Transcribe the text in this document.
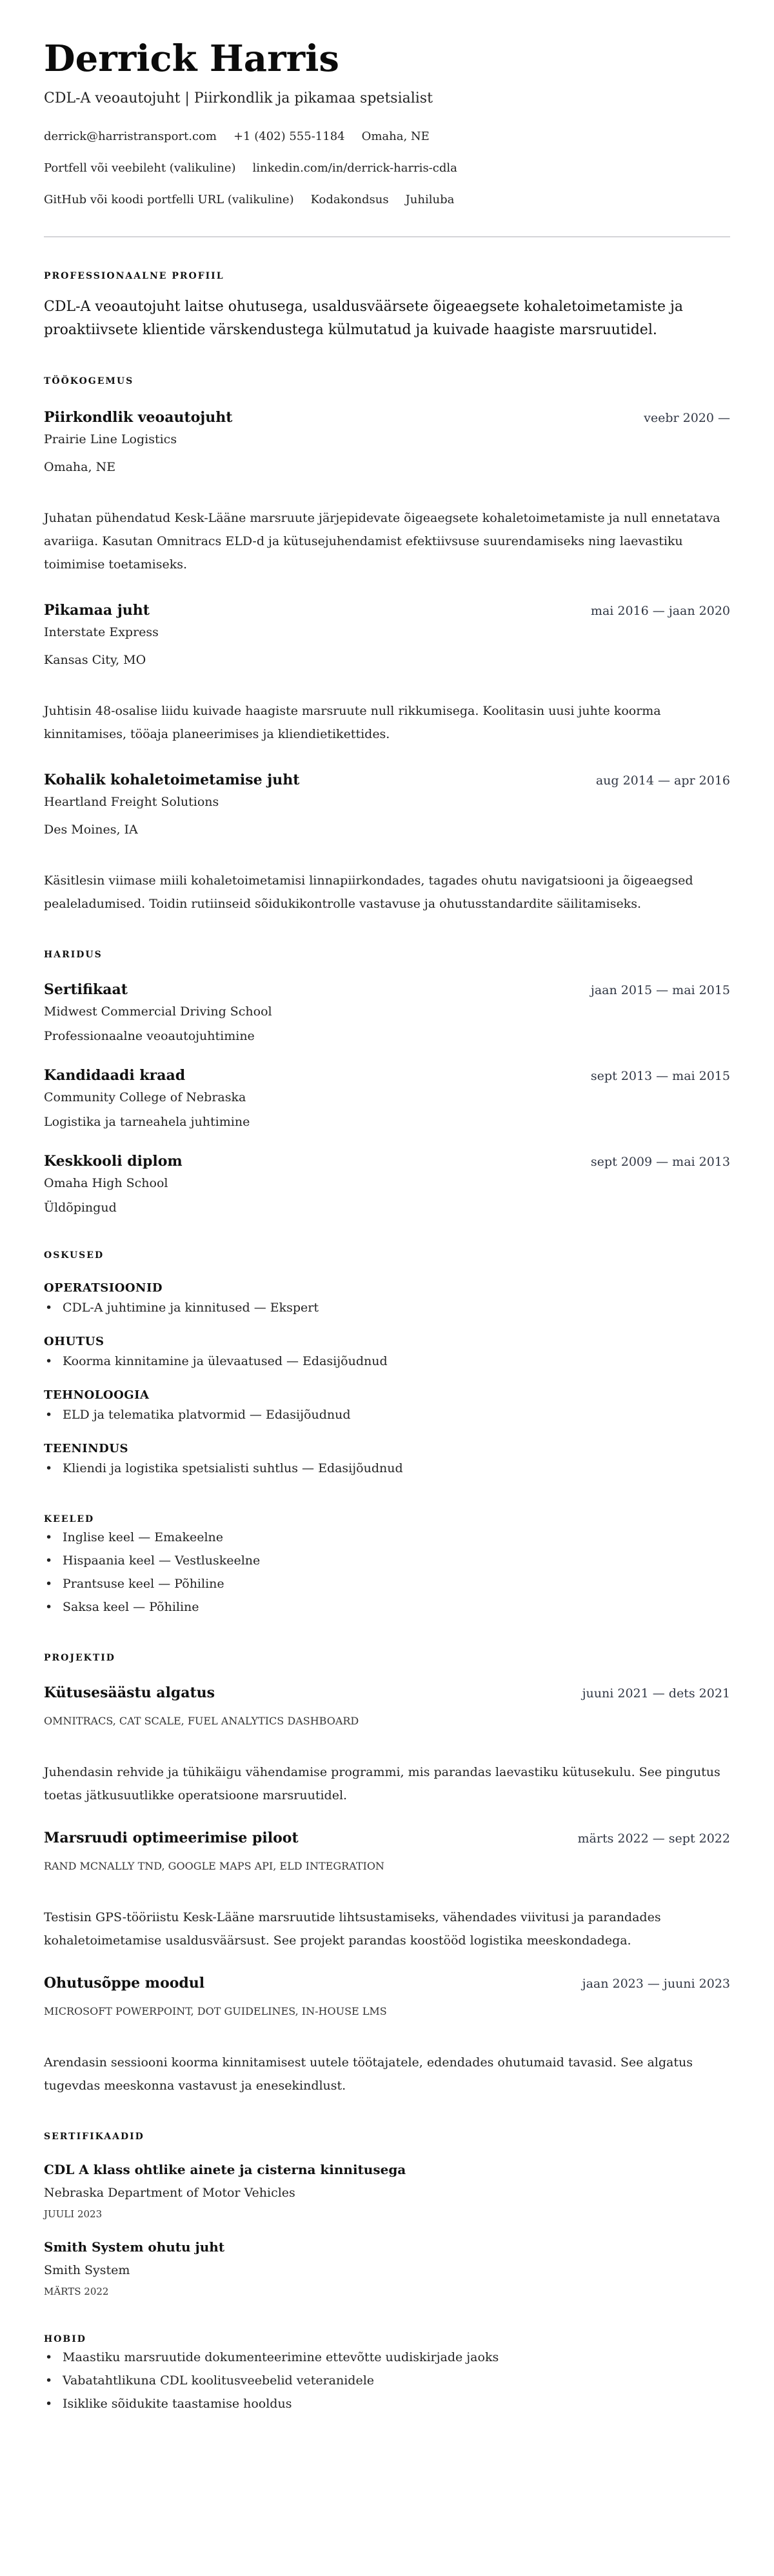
Derrick Harris
CDL-A veoautojuht | Piirkondlik ja pikamaa spetsialist
derrick@harristransport.com +1 (402) 555-1184 Omaha, NE
Portfell või veebileht (valikuline) linkedin.com/in/derrick-harris-cdla
GitHub või koodi portfelli URL (valikuline) Kodakondsus Juhiluba
PROFESSIONAALNE PROFIIL
CDL-A veoautojuht laitse ohutusega, usaldusväärsete õigeaegsete kohaletoimetamiste ja proaktiivsete klientide värskendustega külmutatud ja kuivade haagiste marsruutidel.
TÖÖKOGEMUS
Piirkondlik veoautojuht	veebr 2020 —
Prairie Line Logistics
Omaha, NE
Juhatan pühendatud Kesk-Lääne marsruute järjepidevate õigeaegsete kohaletoimetamiste ja null ennetatava avariiga. Kasutan Omnitracs ELD-d ja kütusejuhendamist efektiivsuse suurendamiseks ning laevastiku toimimise toetamiseks.
Pikamaa juht	mai 2016 — jaan 2020
Interstate Express
Kansas City, MO
Juhtisin 48-osalise liidu kuivade haagiste marsruute null rikkumisega. Koolitasin uusi juhte koorma kinnitamises, tööaja planeerimises ja kliendietikettides.
Kohalik kohaletoimetamise juht	aug 2014 — apr 2016
Heartland Freight Solutions
Des Moines, IA
Käsitlesin viimase miili kohaletoimetamisi linnapiirkondades, tagades ohutu navigatsiooni ja õigeaegsed pealeladumised. Toidin rutiinseid sõidukikontrolle vastavuse ja ohutusstandardite säilitamiseks.
HARIDUS
Sertifikaat	jaan 2015 — mai 2015
Midwest Commercial Driving School
Professionaalne veoautojuhtimine
Kandidaadi kraad	sept 2013 — mai 2015
Community College of Nebraska
Logistika ja tarneahela juhtimine
Keskkooli diplom	sept 2009 — mai 2013
Omaha High School
Üldõpingud
OSKUSED
OPERATSIOONID
• CDL-A juhtimine ja kinnitused — Ekspert
OHUTUS
• Koorma kinnitamine ja ülevaatused — Edasijõudnud
TEHNOLOOGIA
• ELD ja telematika platvormid — Edasijõudnud
TEENINDUS
• Kliendi ja logistika spetsialisti suhtlus — Edasijõudnud
KEELED
• Inglise keel — Emakeelne
• Hispaania keel — Vestluskeelne
• Prantsuse keel — Põhiline
• Saksa keel — Põhiline
PROJEKTID
Kütusesäästu algatus	juuni 2021 — dets 2021
OMNITRACS, CAT SCALE, FUEL ANALYTICS DASHBOARD
Juhendasin rehvide ja tühikäigu vähendamise programmi, mis parandas laevastiku kütusekulu. See pingutus toetas jätkusuutlikke operatsioone marsruutidel.
Marsruudi optimeerimise piloot	märts 2022 — sept 2022
RAND MCNALLY TND, GOOGLE MAPS API, ELD INTEGRATION
Testisin GPS-tööriistu Kesk-Lääne marsruutide lihtsustamiseks, vähendades viivitusi ja parandades kohaletoimetamise usaldusväärsust. See projekt parandas koostööd logistika meeskondadega.
Ohutusõppe moodul	jaan 2023 — juuni 2023
MICROSOFT POWERPOINT, DOT GUIDELINES, IN-HOUSE LMS
Arendasin sessiooni koorma kinnitamisest uutele töötajatele, edendades ohutumaid tavasid. See algatus tugevdas meeskonna vastavust ja enesekindlust.
SERTIFIKAADID
CDL A klass ohtlike ainete ja cisterna kinnitusega
Nebraska Department of Motor Vehicles
JUULI 2023
Smith System ohutu juht
Smith System
MÄRTS 2022
HOBID
• Maastiku marsruutide dokumenteerimine ettevõtte uudiskirjade jaoks
• Vabatahtlikuna CDL koolitusveebelid veteranidele
• Isiklike sõidukite taastamise hooldus
